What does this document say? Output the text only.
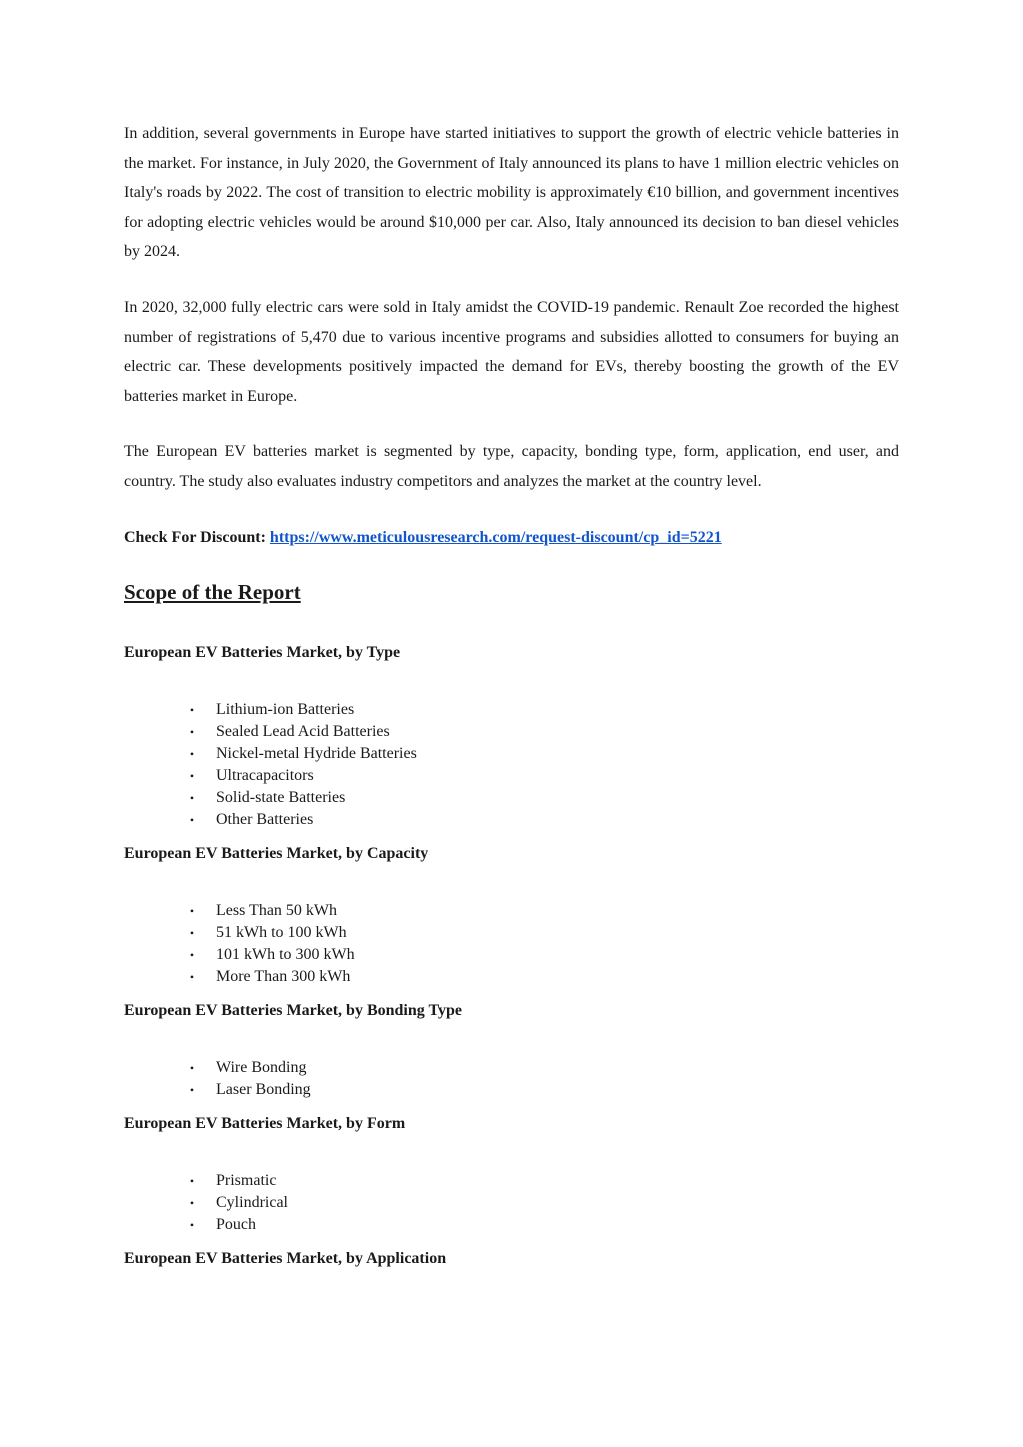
In addition, several governments in Europe have started initiatives to support the growth of electric vehicle batteries in the market. For instance, in July 2020, the Government of Italy announced its plans to have 1 million electric vehicles on Italy's roads by 2022. The cost of transition to electric mobility is approximately €10 billion, and government incentives for adopting electric vehicles would be around $10,000 per car. Also, Italy announced its decision to ban diesel vehicles by 2024.

In 2020, 32,000 fully electric cars were sold in Italy amidst the COVID-19 pandemic. Renault Zoe recorded the highest number of registrations of 5,470 due to various incentive programs and subsidies allotted to consumers for buying an electric car. These developments positively impacted the demand for EVs, thereby boosting the growth of the EV batteries market in Europe.

The European EV batteries market is segmented by type, capacity, bonding type, form, application, end user, and country. The study also evaluates industry competitors and analyzes the market at the country level.

Check For Discount: https://www.meticulousresearch.com/request-discount/cp_id=5221

Scope of the Report
European EV Batteries Market, by Type
•	Lithium-ion Batteries
•	Sealed Lead Acid Batteries
•	Nickel-metal Hydride Batteries
•	Ultracapacitors
•	Solid-state Batteries
•	Other Batteries
European EV Batteries Market, by Capacity
•	Less Than 50 kWh
•	51 kWh to 100 kWh
•	101 kWh to 300 kWh
•	More Than 300 kWh
European EV Batteries Market, by Bonding Type
•	Wire Bonding
•	Laser Bonding
European EV Batteries Market, by Form
•	Prismatic
•	Cylindrical
•	Pouch
European EV Batteries Market, by Application
